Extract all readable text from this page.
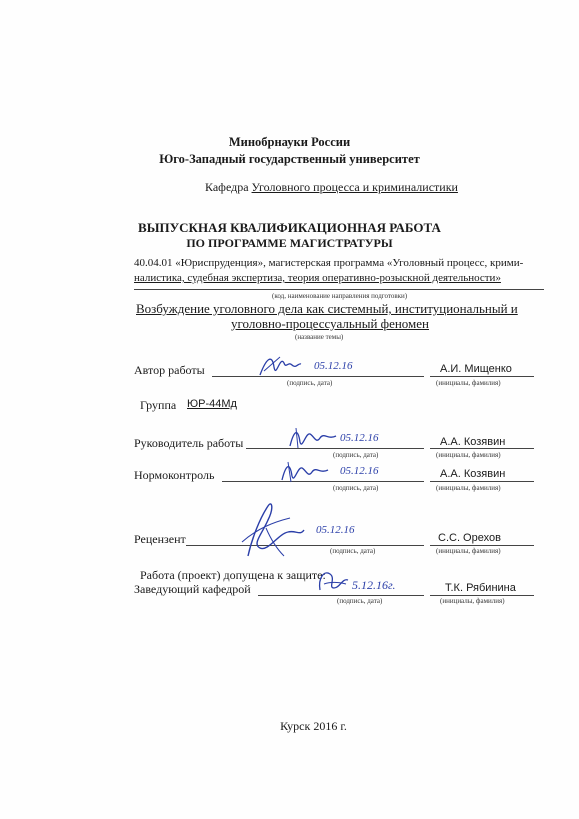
Минобрнауки России
Юго-Западный государственный университет
Кафедра Уголовного процесса и криминалистики
ВЫПУСКНАЯ КВАЛИФИКАЦИОННАЯ РАБОТА
ПО ПРОГРАММЕ МАГИСТРАТУРЫ
40.04.01 «Юриспруденция», магистерская программа «Уголовный процесс, крими-
налистика, судебная экспертиза, теория оперативно-розыскной деятельности»
(код, наименование направления подготовки)
Возбуждение уголовного дела как системный, институциональный и
уголовно-процессуальный феномен
(название темы)
Автор работы	05.12.16
(подпись, дата)
А.И. Мищенко
(инициалы, фамилия)
Группа ЮР-44Мд
Руководитель работы	05.12.16
(подпись, дата)
А.А. Козявин
(инициалы, фамилия)
Нормоконтроль	05.12.16
(подпись, дата)
А.А. Козявин
(инициалы, фамилия)
Рецензент
05.12.16
(подпись, дата)
С.С. Орехов
(инициалы, фамилия)
Работа (проект) допущена к защите:
Заведующий кафедрой	5.12.16г.
(подпись, дата)
Т.К. Рябинина
(инициалы, фамилия)
Курск 2016 г.
